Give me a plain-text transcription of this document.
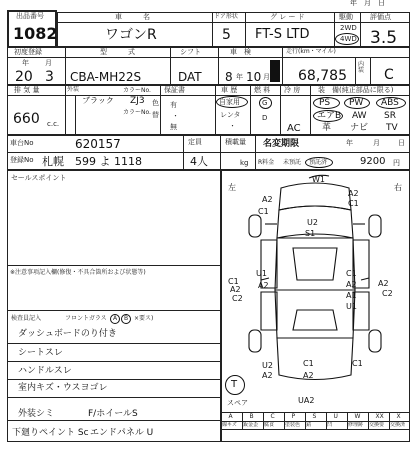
年　月　日
出品番号
1082
車　　　名
ワゴンR
ドア形状
5
グ レ ー ド
FT-S LTD
駆動
2WD
4WD
評価点
3.5
初度登録
年 月
20 3
型　　　式
CBA-MH22S
シフト
DAT
車　検
8 年 10 月
走行(km・マイル)
68,785
内装 C
排 気 量
660 c.c.
外装
ブラック
カラーNo.
ZJ3
カラーNo.
色
替
保証書
有
・
無
車 歴
自家用
レンタ
・
燃 料
G
D
冷 房
AC
装　備(純正部品に限る)
PS PW ABS
エアB AW SR
革 ナビ TV
車台No	620157	定員
4人
積載量
kg
名変期限	年	月	日
登録No 札幌　599 よ 1118	R料金 未預託 預託済	9200 円
セールスポイント
※注意事項記入欄(修復・不具合箇所および状態等)
検査員記入	フロントガラス A B ×要ス)
ダッシュボードのり付き
シートスレ
ハンドルスレ
室内キズ・ウスヨゴレ
外装シミ	F/ホイールS
下廻りペイント Sc エンドパネル U
左	右
U2
S1
W1
C1
A2
A2
C1
C1
A2
C2
U1
A2	A2
C2
C1
A2
A1
U1
C1
A2
U2
A2
UA2
C1
T
スペア
A
線キズ
B
鈑金歪
C
腐食
P
塗装色
S
錆
U
凹
W
修理跡
XX
交換要
X
交換済
